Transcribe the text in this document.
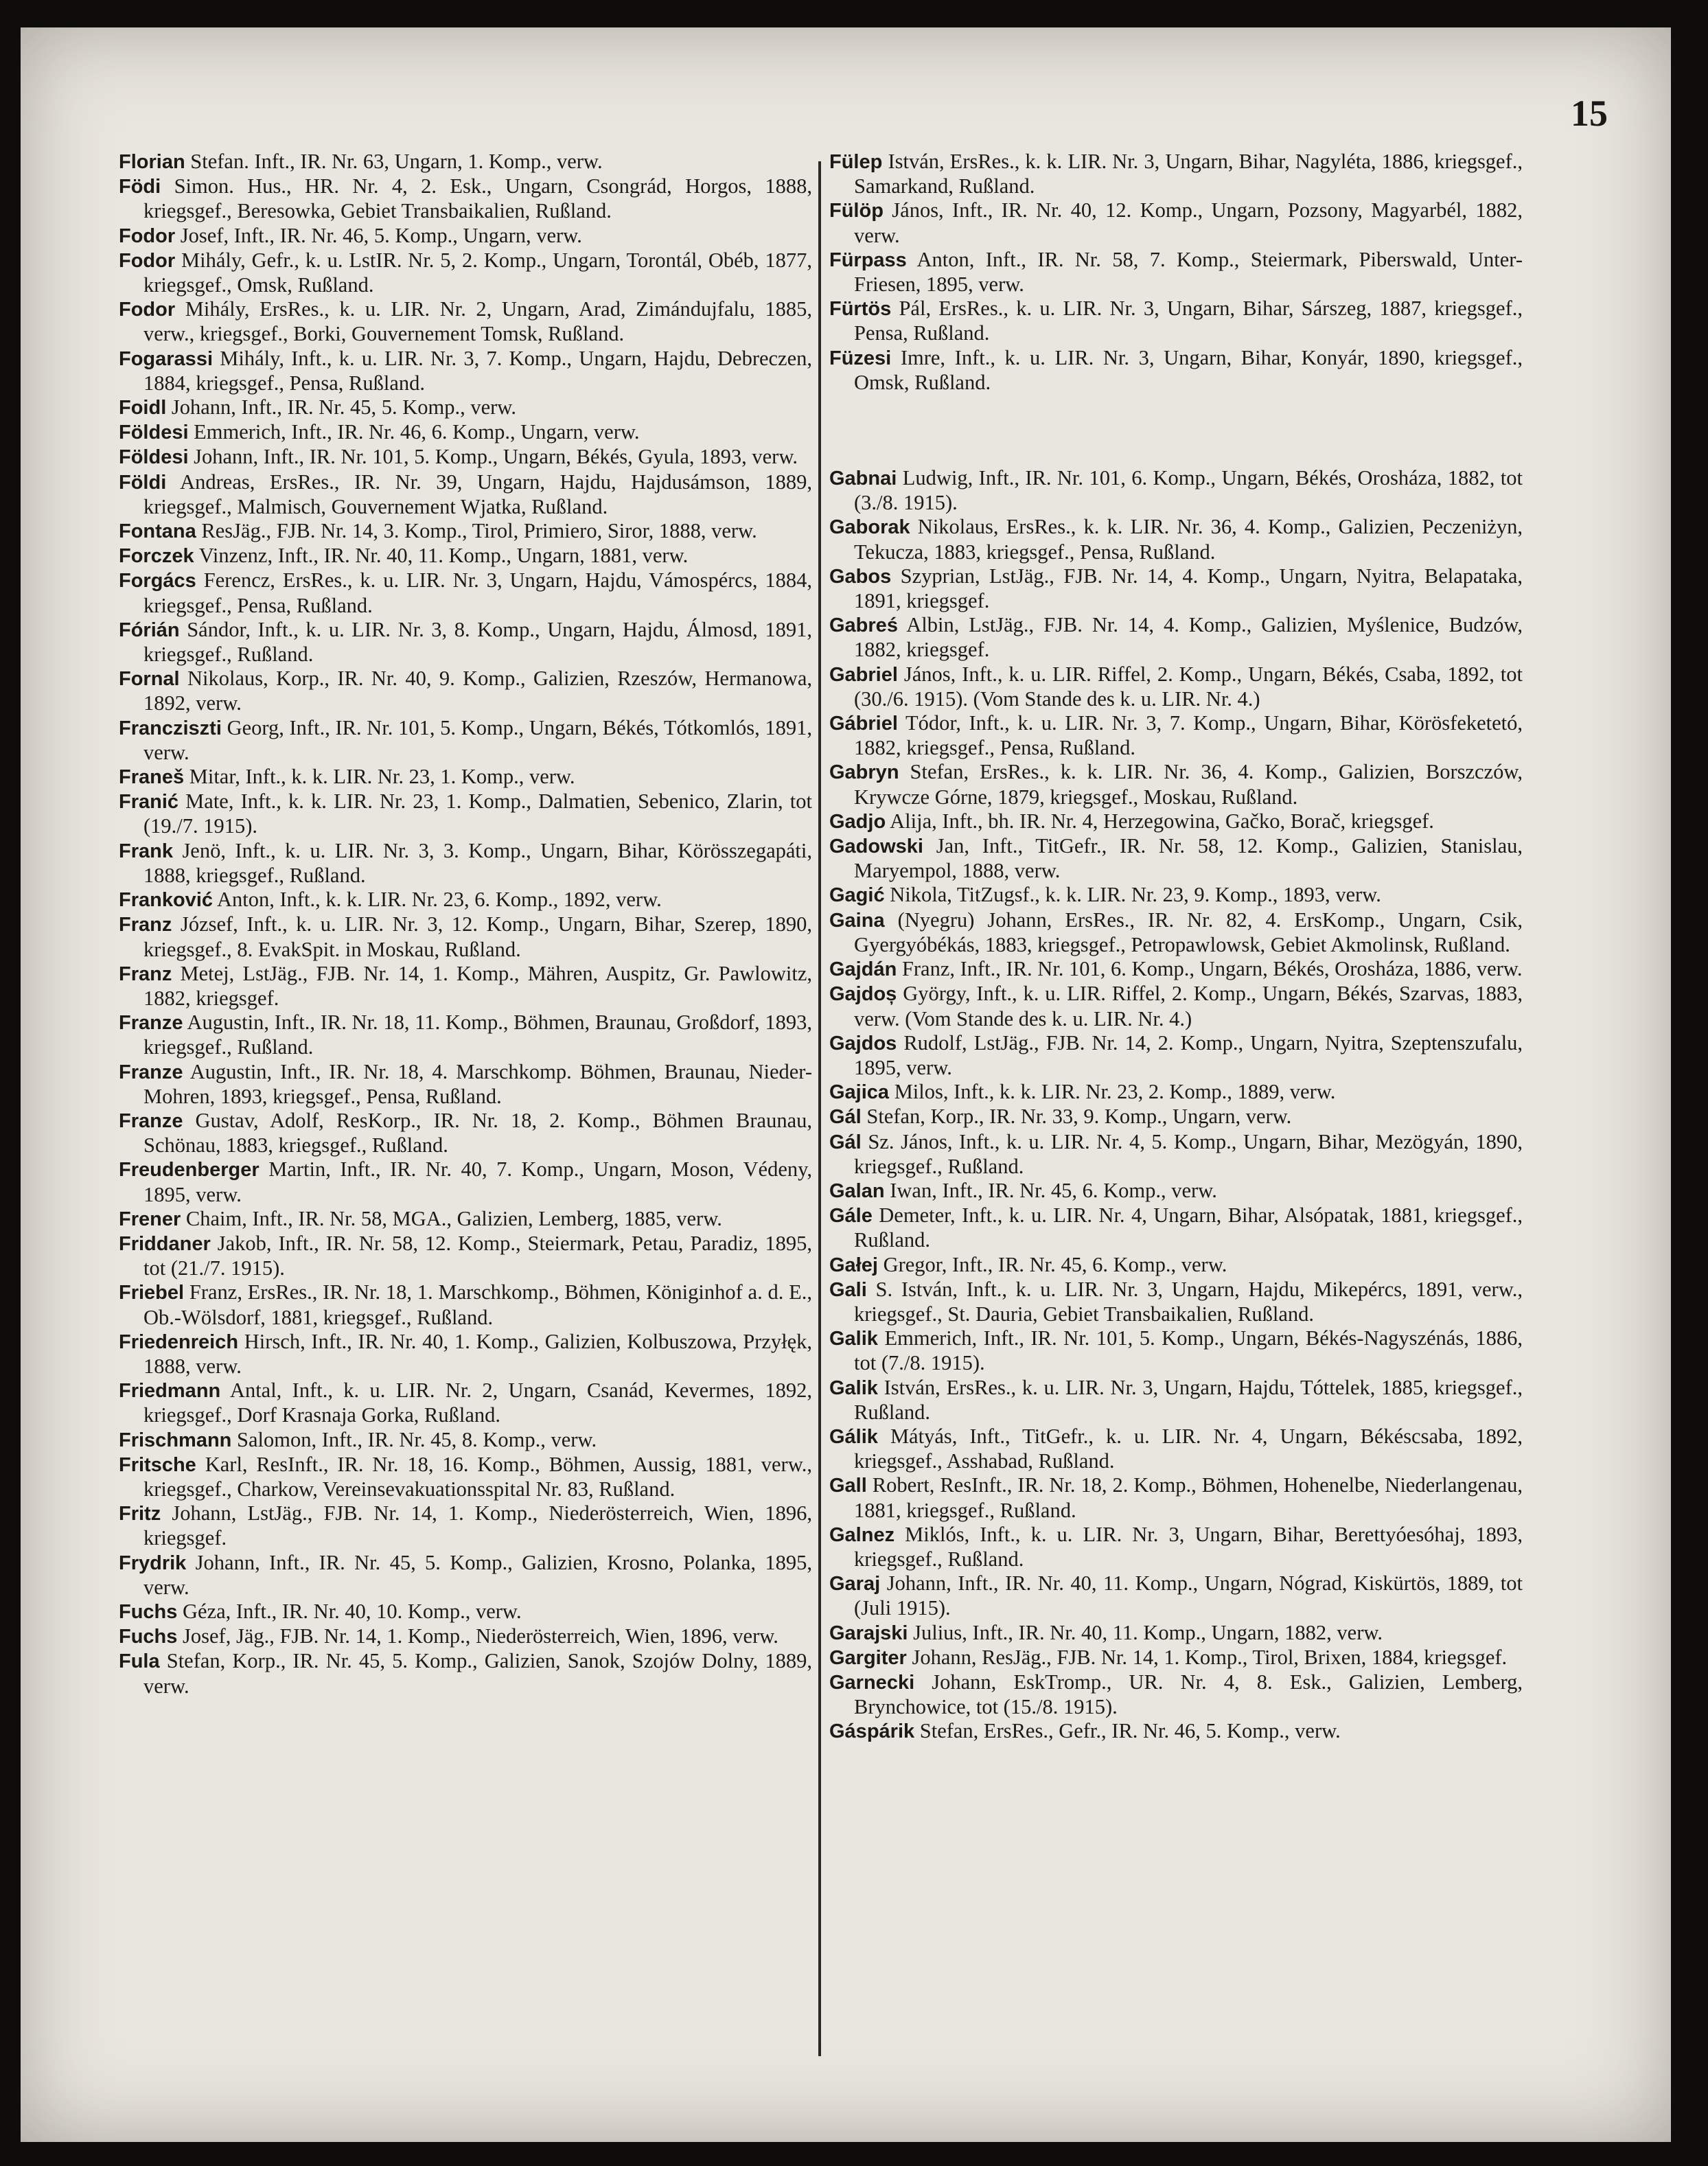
15

Florian Stefan. Inft., IR. Nr. 63, Ungarn, 1. Komp., verw.

Födi Simon. Hus., HR. Nr. 4, 2. Esk., Ungarn, Csongrád, Horgos, 1888, kriegsgef., Beresowka, Gebiet Transbaikalien, Rußland.

Fodor Josef, Inft., IR. Nr. 46, 5. Komp., Ungarn, verw.

Fodor Mihály, Gefr., k. u. LstIR. Nr. 5, 2. Komp., Ungarn, Torontál, Obéb, 1877, kriegsgef., Omsk, Rußland.

Fodor Mihály, ErsRes., k. u. LIR. Nr. 2, Ungarn, Arad, Zimándujfalu, 1885, verw., kriegsgef., Borki, Gouvernement Tomsk, Rußland.

Fogarassi Mihály, Inft., k. u. LIR. Nr. 3, 7. Komp., Ungarn, Hajdu, Debreczen, 1884, kriegsgef., Pensa, Rußland.

Foidl Johann, Inft., IR. Nr. 45, 5. Komp., verw.

Földesi Emmerich, Inft., IR. Nr. 46, 6. Komp., Ungarn, verw.

Földesi Johann, Inft., IR. Nr. 101, 5. Komp., Ungarn, Békés, Gyula, 1893, verw.

Földi Andreas, ErsRes., IR. Nr. 39, Ungarn, Hajdu, Hajdusámson, 1889, kriegsgef., Malmisch, Gouvernement Wjatka, Rußland.

Fontana ResJäg., FJB. Nr. 14, 3. Komp., Tirol, Primiero, Siror, 1888, verw.

Forczek Vinzenz, Inft., IR. Nr. 40, 11. Komp., Ungarn, 1881, verw.

Forgács Ferencz, ErsRes., k. u. LIR. Nr. 3, Ungarn, Hajdu, Vámospércs, 1884, kriegsgef., Pensa, Rußland.

Fórián Sándor, Inft., k. u. LIR. Nr. 3, 8. Komp., Ungarn, Hajdu, Álmosd, 1891, kriegsgef., Rußland.

Fornal Nikolaus, Korp., IR. Nr. 40, 9. Komp., Galizien, Rzeszów, Hermanowa, 1892, verw.

Francziszti Georg, Inft., IR. Nr. 101, 5. Komp., Ungarn, Békés, Tótkomlós, 1891, verw.

Franeš Mitar, Inft., k. k. LIR. Nr. 23, 1. Komp., verw.

Franić Mate, Inft., k. k. LIR. Nr. 23, 1. Komp., Dalmatien, Sebenico, Zlarin, tot (19./7. 1915).

Frank Jenö, Inft., k. u. LIR. Nr. 3, 3. Komp., Ungarn, Bihar, Körösszegapáti, 1888, kriegsgef., Rußland.

Franković Anton, Inft., k. k. LIR. Nr. 23, 6. Komp., 1892, verw.

Franz József, Inft., k. u. LIR. Nr. 3, 12. Komp., Ungarn, Bihar, Szerep, 1890, kriegsgef., 8. EvakSpit. in Moskau, Rußland.

Franz Metej, LstJäg., FJB. Nr. 14, 1. Komp., Mähren, Auspitz, Gr. Pawlowitz, 1882, kriegsgef.

Franze Augustin, Inft., IR. Nr. 18, 11. Komp., Böhmen, Braunau, Großdorf, 1893, kriegsgef., Rußland.

Franze Augustin, Inft., IR. Nr. 18, 4. Marschkomp. Böhmen, Braunau, Nieder-Mohren, 1893, kriegsgef., Pensa, Rußland.

Franze Gustav, Adolf, ResKorp., IR. Nr. 18, 2. Komp., Böhmen Braunau, Schönau, 1883, kriegsgef., Rußland.

Freudenberger Martin, Inft., IR. Nr. 40, 7. Komp., Ungarn, Moson, Védeny, 1895, verw.

Frener Chaim, Inft., IR. Nr. 58, MGA., Galizien, Lemberg, 1885, verw.

Friddaner Jakob, Inft., IR. Nr. 58, 12. Komp., Steiermark, Petau, Paradiz, 1895, tot (21./7. 1915).

Friebel Franz, ErsRes., IR. Nr. 18, 1. Marschkomp., Böhmen, Königinhof a. d. E., Ob.-Wölsdorf, 1881, kriegsgef., Rußland.

Friedenreich Hirsch, Inft., IR. Nr. 40, 1. Komp., Galizien, Kolbuszowa, Przyłęk, 1888, verw.

Friedmann Antal, Inft., k. u. LIR. Nr. 2, Ungarn, Csanád, Kevermes, 1892, kriegsgef., Dorf Krasnaja Gorka, Rußland.

Frischmann Salomon, Inft., IR. Nr. 45, 8. Komp., verw.

Fritsche Karl, ResInft., IR. Nr. 18, 16. Komp., Böhmen, Aussig, 1881, verw., kriegsgef., Charkow, Vereinsevakuationsspital Nr. 83, Rußland.

Fritz Johann, LstJäg., FJB. Nr. 14, 1. Komp., Niederösterreich, Wien, 1896, kriegsgef.

Frydrik Johann, Inft., IR. Nr. 45, 5. Komp., Galizien, Krosno, Polanka, 1895, verw.

Fuchs Géza, Inft., IR. Nr. 40, 10. Komp., verw.

Fuchs Josef, Jäg., FJB. Nr. 14, 1. Komp., Niederösterreich, Wien, 1896, verw.

Fula Stefan, Korp., IR. Nr. 45, 5. Komp., Galizien, Sanok, Szojów Dolny, 1889, verw.

Fülep István, ErsRes., k. k. LIR. Nr. 3, Ungarn, Bihar, Nagyléta, 1886, kriegsgef., Samarkand, Rußland.

Fülöp János, Inft., IR. Nr. 40, 12. Komp., Ungarn, Pozsony, Magyarbél, 1882, verw.

Fürpass Anton, Inft., IR. Nr. 58, 7. Komp., Steiermark, Piberswald, Unter-Friesen, 1895, verw.

Fürtös Pál, ErsRes., k. u. LIR. Nr. 3, Ungarn, Bihar, Sárszeg, 1887, kriegsgef., Pensa, Rußland.

Füzesi Imre, Inft., k. u. LIR. Nr. 3, Ungarn, Bihar, Konyár, 1890, kriegsgef., Omsk, Rußland.

Gabnai Ludwig, Inft., IR. Nr. 101, 6. Komp., Ungarn, Békés, Orosháza, 1882, tot (3./8. 1915).

Gaborak Nikolaus, ErsRes., k. k. LIR. Nr. 36, 4. Komp., Galizien, Peczeniżyn, Tekucza, 1883, kriegsgef., Pensa, Rußland.

Gabos Szyprian, LstJäg., FJB. Nr. 14, 4. Komp., Ungarn, Nyitra, Belapataka, 1891, kriegsgef.

Gabreś Albin, LstJäg., FJB. Nr. 14, 4. Komp., Galizien, Myślenice, Budzów, 1882, kriegsgef.

Gabriel János, Inft., k. u. LIR. Riffel, 2. Komp., Ungarn, Békés, Csaba, 1892, tot (30./6. 1915). (Vom Stande des k. u. LIR. Nr. 4.)

Gábriel Tódor, Inft., k. u. LIR. Nr. 3, 7. Komp., Ungarn, Bihar, Körösfeketetó, 1882, kriegsgef., Pensa, Rußland.

Gabryn Stefan, ErsRes., k. k. LIR. Nr. 36, 4. Komp., Galizien, Borszczów, Krywcze Górne, 1879, kriegsgef., Moskau, Rußland.

Gadjo Alija, Inft., bh. IR. Nr. 4, Herzegowina, Gačko, Borač, kriegsgef.

Gadowski Jan, Inft., TitGefr., IR. Nr. 58, 12. Komp., Galizien, Stanislau, Maryempol, 1888, verw.

Gagić Nikola, TitZugsf., k. k. LIR. Nr. 23, 9. Komp., 1893, verw.

Gaina (Nyegru) Johann, ErsRes., IR. Nr. 82, 4. ErsKomp., Ungarn, Csik, Gyergyóbékás, 1883, kriegsgef., Petropawlowsk, Gebiet Akmolinsk, Rußland.

Gajdán Franz, Inft., IR. Nr. 101, 6. Komp., Ungarn, Békés, Orosháza, 1886, verw.

Gajdoș György, Inft., k. u. LIR. Riffel, 2. Komp., Ungarn, Békés, Szarvas, 1883, verw. (Vom Stande des k. u. LIR. Nr. 4.)

Gajdos Rudolf, LstJäg., FJB. Nr. 14, 2. Komp., Ungarn, Nyitra, Szeptenszufalu, 1895, verw.

Gajica Milos, Inft., k. k. LIR. Nr. 23, 2. Komp., 1889, verw.

Gál Stefan, Korp., IR. Nr. 33, 9. Komp., Ungarn, verw.

Gál Sz. János, Inft., k. u. LIR. Nr. 4, 5. Komp., Ungarn, Bihar, Mezögyán, 1890, kriegsgef., Rußland.

Galan Iwan, Inft., IR. Nr. 45, 6. Komp., verw.

Gále Demeter, Inft., k. u. LIR. Nr. 4, Ungarn, Bihar, Alsópatak, 1881, kriegsgef., Rußland.

Gałej Gregor, Inft., IR. Nr. 45, 6. Komp., verw.

Gali S. István, Inft., k. u. LIR. Nr. 3, Ungarn, Hajdu, Mikepércs, 1891, verw., kriegsgef., St. Dauria, Gebiet Transbaikalien, Rußland.

Galik Emmerich, Inft., IR. Nr. 101, 5. Komp., Ungarn, Békés-Nagyszénás, 1886, tot (7./8. 1915).

Galik István, ErsRes., k. u. LIR. Nr. 3, Ungarn, Hajdu, Tóttelek, 1885, kriegsgef., Rußland.

Gálik Mátyás, Inft., TitGefr., k. u. LIR. Nr. 4, Ungarn, Békéscsaba, 1892, kriegsgef., Asshabad, Rußland.

Gall Robert, ResInft., IR. Nr. 18, 2. Komp., Böhmen, Hohenelbe, Niederlangenau, 1881, kriegsgef., Rußland.

Galnez Miklós, Inft., k. u. LIR. Nr. 3, Ungarn, Bihar, Berettyóesóhaj, 1893, kriegsgef., Rußland.

Garaj Johann, Inft., IR. Nr. 40, 11. Komp., Ungarn, Nógrad, Kiskürtös, 1889, tot (Juli 1915).

Garajski Julius, Inft., IR. Nr. 40, 11. Komp., Ungarn, 1882, verw.

Gargiter Johann, ResJäg., FJB. Nr. 14, 1. Komp., Tirol, Brixen, 1884, kriegsgef.

Garnecki Johann, EskTromp., UR. Nr. 4, 8. Esk., Galizien, Lemberg, Brynchowice, tot (15./8. 1915).

Gáspárik Stefan, ErsRes., Gefr., IR. Nr. 46, 5. Komp., verw.
